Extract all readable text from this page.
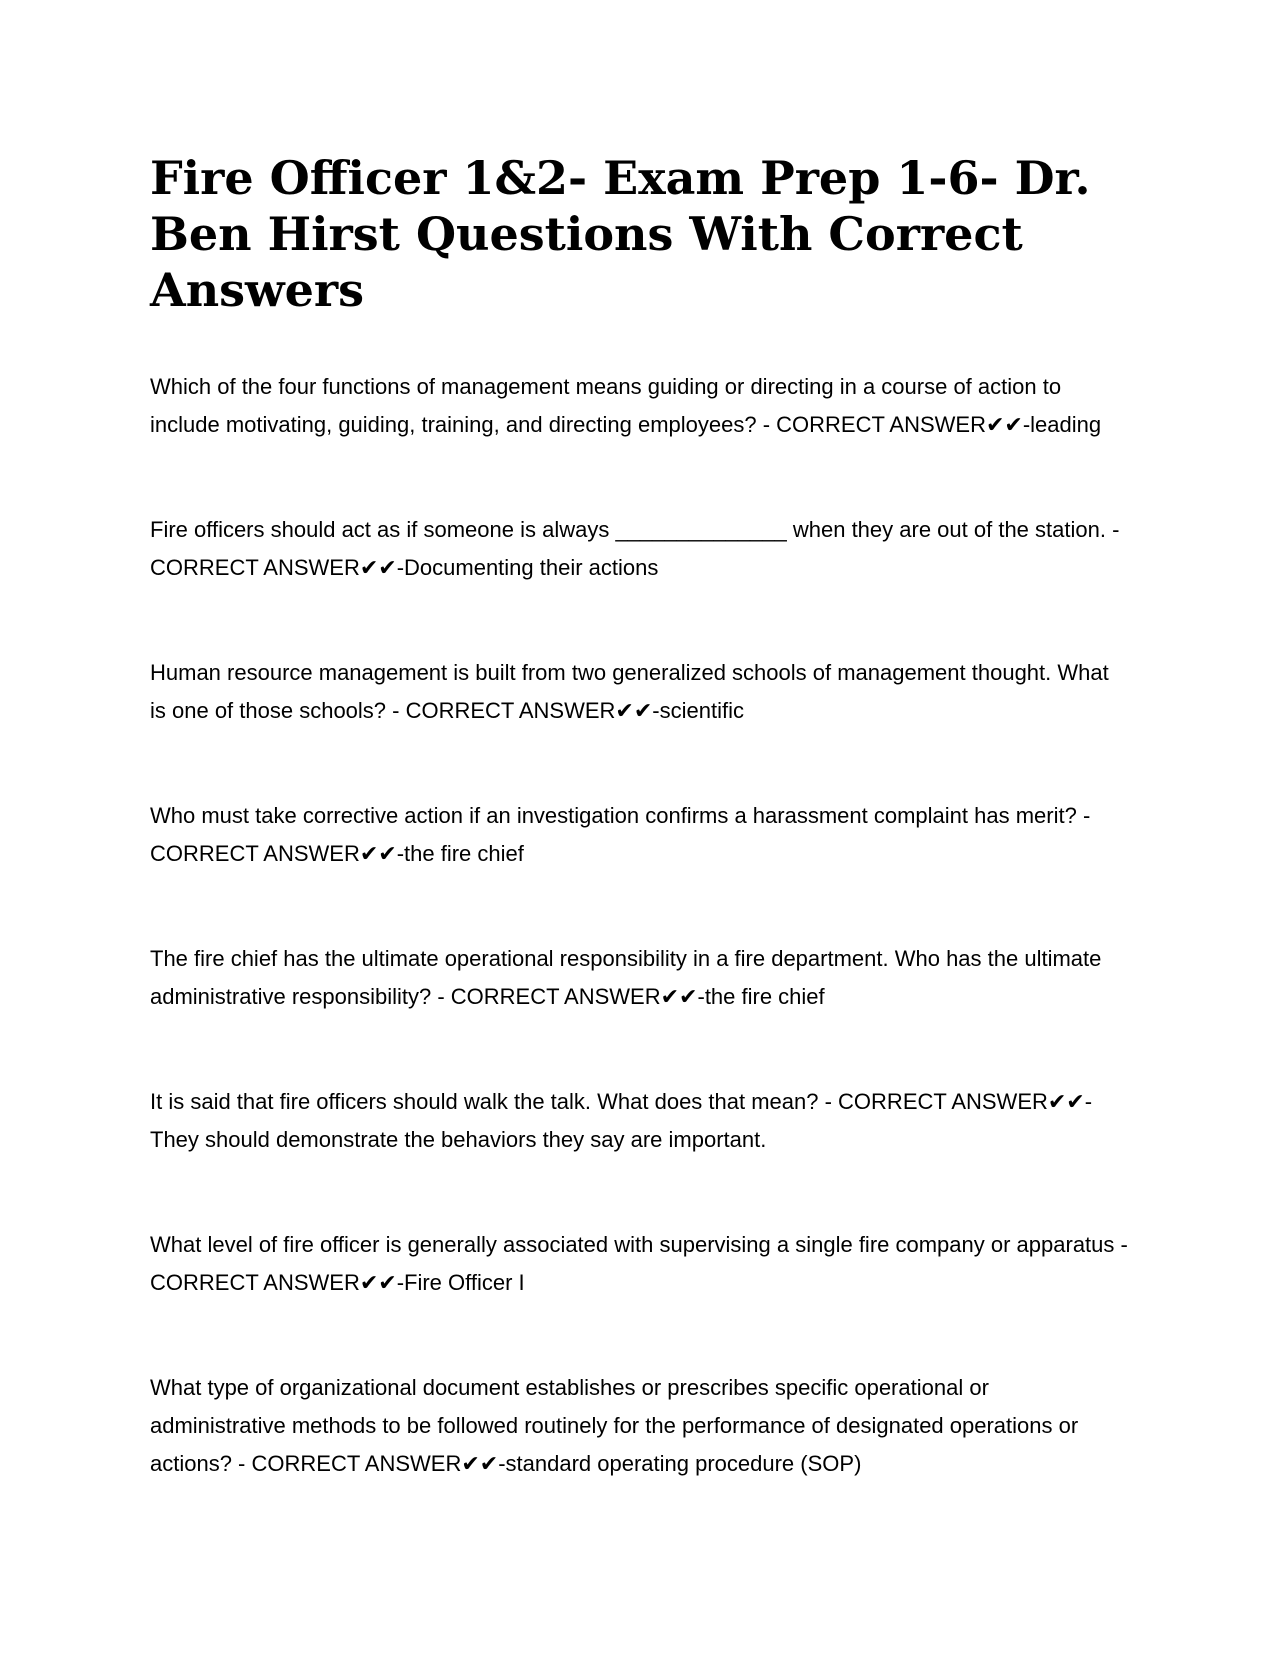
Fire Officer 1&2- Exam Prep 1-6- Dr. Ben Hirst Questions With Correct Answers

Which of the four functions of management means guiding or directing in a course of action to include motivating, guiding, training, and directing employees? - CORRECT ANSWER✔✔-leading

Fire officers should act as if someone is always ______________ when they are out of the station. - CORRECT ANSWER✔✔-Documenting their actions

Human resource management is built from two generalized schools of management thought. What is one of those schools? - CORRECT ANSWER✔✔-scientific

Who must take corrective action if an investigation confirms a harassment complaint has merit? - CORRECT ANSWER✔✔-the fire chief

The fire chief has the ultimate operational responsibility in a fire department. Who has the ultimate administrative responsibility? - CORRECT ANSWER✔✔-the fire chief

It is said that fire officers should walk the talk. What does that mean? - CORRECT ANSWER✔✔-They should demonstrate the behaviors they say are important.

What level of fire officer is generally associated with supervising a single fire company or apparatus - CORRECT ANSWER✔✔-Fire Officer I

What type of organizational document establishes or prescribes specific operational or administrative methods to be followed routinely for the performance of designated operations or actions? - CORRECT ANSWER✔✔-standard operating procedure (SOP)
